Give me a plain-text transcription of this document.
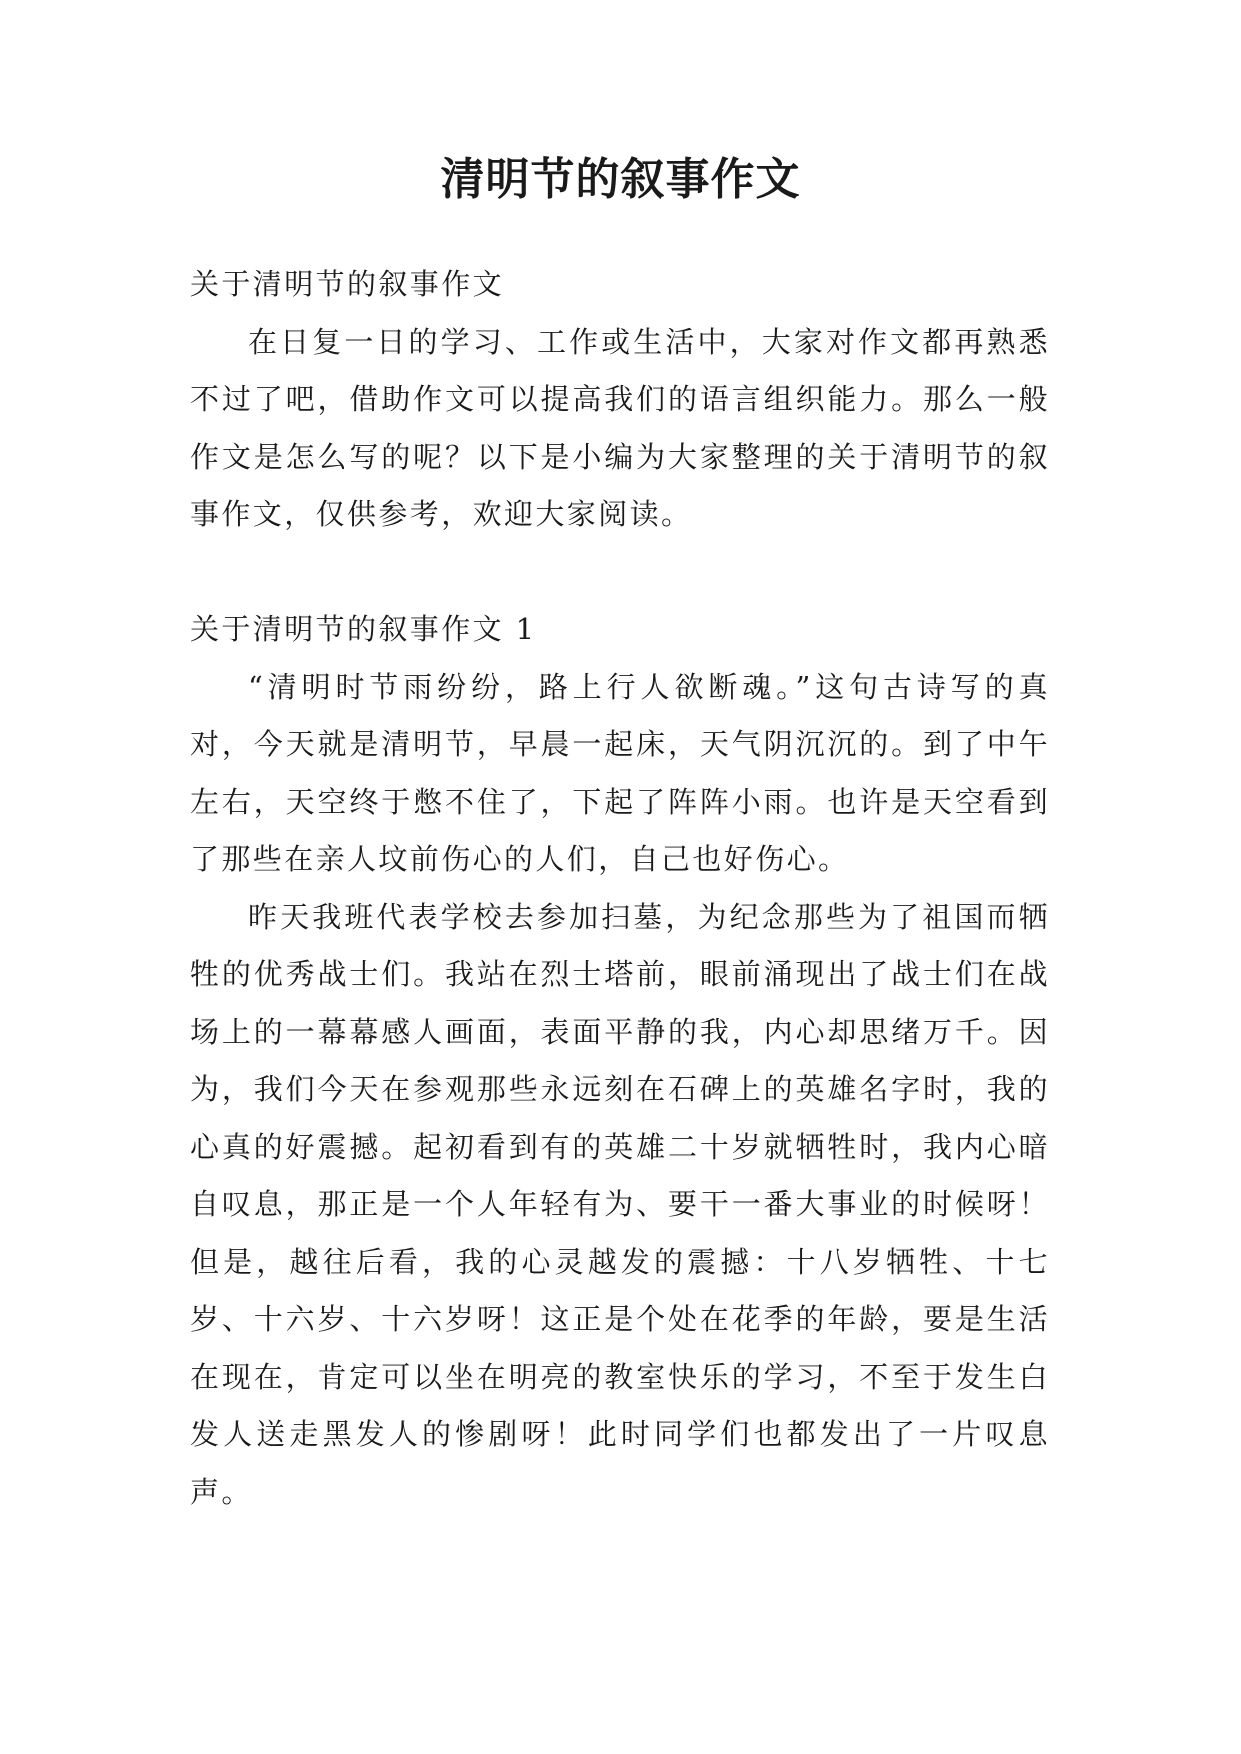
清明节的叙事作文

关于清明节的叙事作文

在日复一日的学习、工作或生活中，大家对作文都再熟悉不过了吧，借助作文可以提高我们的语言组织能力。那么一般作文是怎么写的呢？以下是小编为大家整理的关于清明节的叙事作文，仅供参考，欢迎大家阅读。

关于清明节的叙事作文 1

“清明时节雨纷纷，路上行人欲断魂。”这句古诗写的真对，今天就是清明节，早晨一起床，天气阴沉沉的。到了中午左右，天空终于憋不住了，下起了阵阵小雨。也许是天空看到了那些在亲人坟前伤心的人们，自己也好伤心。

昨天我班代表学校去参加扫墓，为纪念那些为了祖国而牺牲的优秀战士们。我站在烈士塔前，眼前涌现出了战士们在战场上的一幕幕感人画面，表面平静的我，内心却思绪万千。因为，我们今天在参观那些永远刻在石碑上的英雄名字时，我的心真的好震撼。起初看到有的英雄二十岁就牺牲时，我内心暗自叹息，那正是一个人年轻有为、要干一番大事业的时候呀！但是，越往后看，我的心灵越发的震撼：十八岁牺牲、十七岁、十六岁、十六岁呀！这正是个处在花季的年龄，要是生活在现在，肯定可以坐在明亮的教室快乐的学习，不至于发生白发人送走黑发人的惨剧呀！此时同学们也都发出了一片叹息声。
